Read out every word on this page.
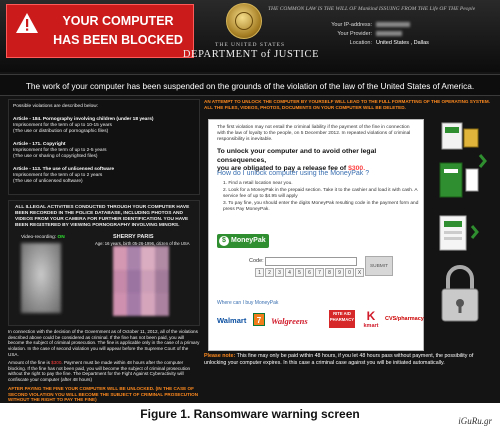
YOUR COMPUTER
HAS BEEN BLOCKED	THE UNITED STATES
DEPARTMENT of JUSTICE
THE COMMON LAW IS THE WILL OF Mankind ISSUING FROM THE Life OF THE People
Your IP-address:
Your Provider:
Location: United States , Dallas
The work of your computer has been suspended on the grounds of the violation of the law of the United States of America.
Possible violations are described below:
Article - 184. Pornography involving children (under 18 years)
Imprisonment for the term of up to 10-15 years
(The use or distribution of pornographic files)
Article - 171. Copyright
Imprisonment for the term of up to 2-5 years
(The use or sharing of copyrighted files)
Article - 113. The use of unlicensed software
Imprisonment for the term of up to 2 years
(The use of unlicensed software)
ALL ILLEGAL ACTIVITIES CONDUCTED THROUGH YOUR COMPUTER HAVE BEEN RECORDED IN THE POLICE DATABASE, INCLUDING PHOTOS AND VIDEOS FROM YOUR CAMERA FOR FURTHER IDENTIFICATION. YOU HAVE BEEN REGISTERED BY VIEWING PORNOGRAPHY INVOLVING MINORS.
Video-recording: ON	SHERRY PARIS
Age: 16 years, birth 05-26-1996, citizen of the USA
In connection with the decision of the Government as of October 11, 2012, all of the violations described above could be considered as criminal. If the fine has not been paid, you will become the subject of criminal prosecution. The fine is applicable only in the case of a primary violation. In the case of second violation you will appear before the Supreme Court of the USA.
Amount of the fine is $300. Payment must be made within 48 hours after the computer blocking. If the fine has not been paid, you will become the subject of criminal prosecution without the right to pay the fine. The Department for the Fight Against Cyberactivity will confiscate your computer (after 48 hours)
AFTER PAYING THE FINE YOUR COMPUTER WILL BE UNLOCKED. (IN THE CASE OF SECOND VIOLATION YOU WILL BECOME THE SUBJECT OF CRIMINAL PROSECUTION WITHOUT THE RIGHT TO PAY THE FINE)
AN ATTEMPT TO UNLOCK THE COMPUTER BY YOURSELF WILL LEAD TO THE FULL FORMATTING OF THE OPERATING SYSTEM. ALL THE FILES, VIDEOS, PHOTOS, DOCUMENTS ON YOUR COMPUTER WILL BE DELETED.
The first violation may not entail the criminal liability if the payment of the fine in connection with the law of loyalty to the people, on 5 December 2012. In repeated violations of criminal responsibility is inevitable.
To unlock your computer and to avoid other legal consequences,
you are obligated to pay a release fee of $300.
How do I unlock computer using the MoneyPak ?
1. Find a retail location near you.
2. Look for a MoneyPak in the prepaid section. Take it to the cashier and load it with cash. A service fee of up to $4.95 will apply
3. To pay fine, you should enter the digits MoneyPak resulting code in the payment form and press Pay MoneyPak.
$ MoneyPak
Code:
1	2	3	4	5	6	7	8	9	0	X
SUBMIT
Where can I buy MoneyPak
Walmart	7	Walgreens
RITE AID PHARMACY	K
kmart
CVS/pharmacy
Please note: This fine may only be paid within 48 hours, if you let 48 hours pass without payment, the possibility of unlocking your computer expires. In this case a criminal case against you will be initiated automatically.
Figure 1. Ransomware warning screen	iGuRu.gr
